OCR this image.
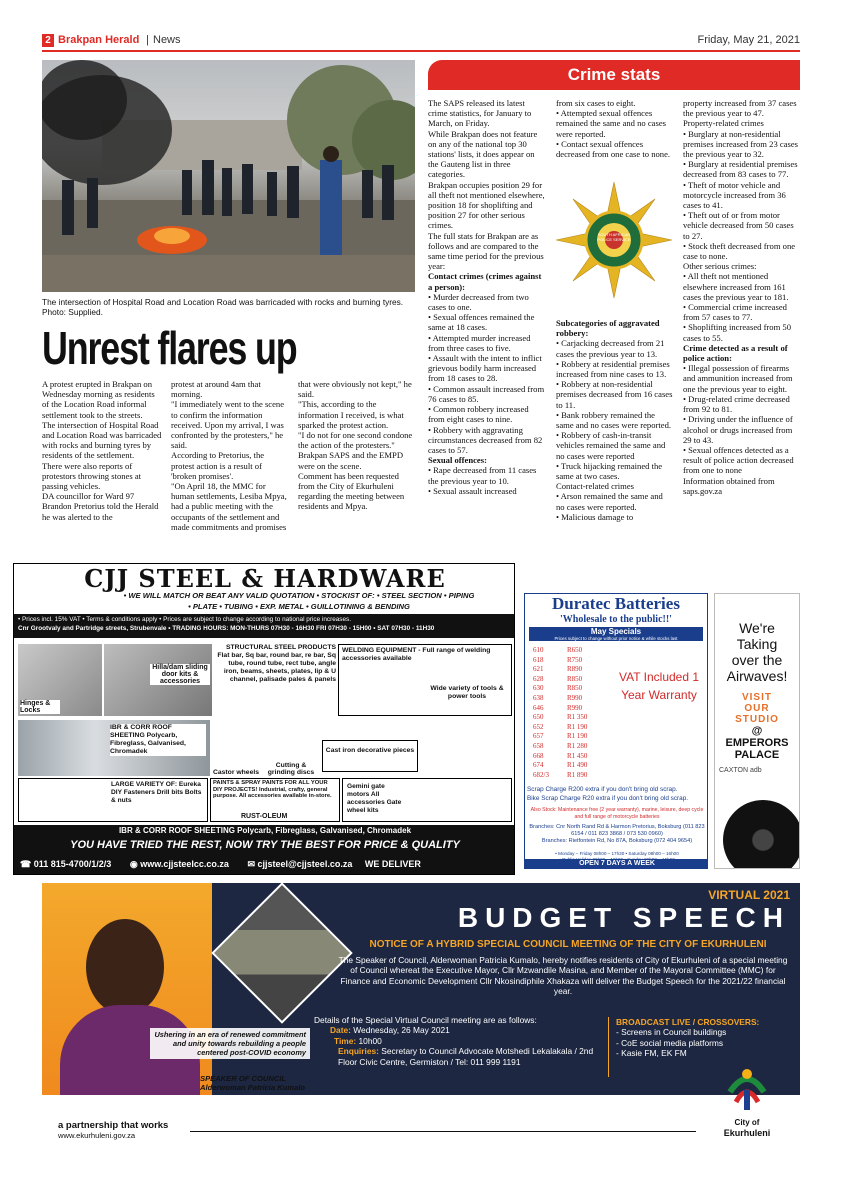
2 Brakpan Herald | News	Friday, May 21, 2021
The intersection of Hospital Road and Location Road was barricaded with rocks and burning tyres. Photo: Supplied.
Unrest flares up
A protest erupted in Brakpan on Wednesday morning as residents of the Location Road informal settlement took to the streets.
The intersection of Hospital Road and Location Road was barricaded with rocks and burning tyres by residents of the settlement.
There were also reports of protestors throwing stones at passing vehicles.
DA councillor for Ward 97 Brandon Pretorius told the Herald he was alerted to the
protest at around 4am that morning.
"I immediately went to the scene to confirm the information received. Upon my arrival, I was confronted by the protesters," he said.
According to Pretorius, the protest action is a result of 'broken promises'.
"On April 18, the MMC for human settlements, Lesiba Mpya, had a public meeting with the occupants of the settlement and made commitments and promises
that were obviously not kept," he said.
"This, according to the information I received, is what sparked the protest action.
"I do not for one second condone the action of the protesters."
Brakpan SAPS and the EMPD were on the scene.
Comment has been requested from the City of Ekurhuleni regarding the meeting between residents and Mpya.
Crime stats
The SAPS released its latest crime statistics, for January to March, on Friday.
While Brakpan does not feature on any of the national top 30 stations' lists, it does appear on the Gauteng list in three categories.
Brakpan occupies position 29 for all theft not mentioned elsewhere, position 18 for shoplifting and position 27 for other serious crimes.
The full stats for Brakpan are as follows and are compared to the same time period for the previous year:
Contact crimes (crimes against a person):
• Murder decreased from two cases to one.
• Sexual offences remained the same at 18 cases.
• Attempted murder increased from three cases to five.
• Assault with the intent to inflict grievous bodily harm increased from 18 cases to 28.
• Common assault increased from 76 cases to 85.
• Common robbery increased from eight cases to nine.
• Robbery with aggravating circumstances decreased from 82 cases to 57.
Sexual offences:
• Rape decreased from 11 cases the previous year to 10.
• Sexual assault increased
from six cases to eight.
• Attempted sexual offences remained the same and no cases were reported.
• Contact sexual offences decreased from one case to none.
SOUTH AFRICAN POLICE SERVICE
Subcategories of aggravated robbery:
• Carjacking decreased from 21 cases the previous year to 13.
• Robbery at residential premises increased from nine cases to 13.
• Robbery at non-residential premises decreased from 16 cases to 11.
• Bank robbery remained the same and no cases were reported.
• Robbery of cash-in-transit vehicles remained the same and no cases were reported
• Truck hijacking remained the same at two cases.
Contact-related crimes
• Arson remained the same and no cases were reported.
• Malicious damage to
property increased from 37 cases the previous year to 47.
Property-related crimes
• Burglary at non-residential premises increased from 23 cases the previous year to 32.
• Burglary at residential premises decreased from 83 cases to 77.
• Theft of motor vehicle and motorcycle increased from 36 cases to 41.
• Theft out of or from motor vehicle decreased from 50 cases to 27.
• Stock theft decreased from one case to none.
Other serious crimes:
• All theft not mentioned elsewhere increased from 161 cases the previous year to 181.
• Commercial crime increased from 57 cases to 77.
• Shoplifting increased from 50 cases to 55.
Crime detected as a result of police action:
• Illegal possession of firearms and ammunition increased from one the previous year to eight.
• Drug-related crime decreased from 92 to 81.
• Driving under the influence of alcohol or drugs increased from 29 to 43.
• Sexual offences detected as a result of police action decreased from one to none
Information obtained from saps.gov.za
CJJ STEEL & HARDWARE
• WE WILL MATCH OR BEAT ANY VALID QUOTATION • STOCKIST OF: • STEEL SECTION • PIPING
• PLATE • TUBING • EXP. METAL • GUILLOTINING & BENDING
• Prices incl. 15% VAT • Terms & conditions apply • Prices are subject to change according to national price increases.
Cnr Grootvaly and Partridge streets, Strubenvale • TRADING HOURS: MON-THURS 07H30 - 16H30 FRI 07H30 - 15H00 • SAT 07H30 - 11H30
Hinges & Locks
Hilla/dam sliding door kits & accessories
STRUCTURAL STEEL PRODUCTS Flat bar, Sq bar, round bar, re bar, Sq tube, round tube, rect tube, angle iron, beams, sheets, plates, lip & U channel, palisade pales & panels
WELDING EQUIPMENT - Full range of welding accessories available
Wide variety of tools & power tools
IBR & CORR ROOF SHEETING Polycarb, Fibreglass, Galvanised, Chromadek
Castor wheels
Cutting & grinding discs
Cast iron decorative pieces
LARGE VARIETY OF: Eureka DIY Fasteners Drill bits Bolts & nuts
PAINTS & SPRAY PAINTS FOR ALL YOUR DIY PROJECTS! Industrial, crafty, general purpose. All accessories available in-store.
RUST-OLEUM
Gemini gate motors All accessories Gate wheel kits
IBR & CORR ROOF SHEETING Polycarb, Fibreglass, Galvanised, Chromadek
YOU HAVE TRIED THE REST, NOW TRY THE BEST FOR PRICE & QUALITY
☎ 011 815-4700/1/2/3 ◉ www.cjjsteelcc.co.za ✉ cjjsteel@cjjsteel.co.za WE DELIVER
Duratec Batteries
'Wholesale to the public!!'
May Specials
Prices subject to change without prior notice & while stocks last
610	R650
618	R750
621	R890
628	R850
630	R850
638	R990
646	R990
650	R1 350
652	R1 190
657	R1 190
658	R1 280
668	R1 450
674	R1 490
682/3	R1 890
VAT Included 1 Year Warranty
Scrap Charge R200 extra if you don't bring old scrap.
Bike Scrap Charge R20 extra if you don't bring old scrap.
Also Stock: Maintenance free (2 year warranty), marine, leisure, deep cycle and full range of motorcycle batteries
Branches: Cnr North Rand Rd & Harmon Pretorius, Boksburg (011 823 6154 / 011 823 3868 / 073 530 0960)
Branches: Rietfontein Rd, No 87A, Boksburg (072 404 9654)
• Monday – Friday 08h00 – 17h30 • Saturday 08h00 – 16h00
OPEN 7 DAYS A WEEK
We're
Taking
over the
Airwaves!
VISIT
OUR
STUDIO
@
EMPERORS
PALACE
CAXTON adb
VIRTUAL 2021
BUDGET SPEECH
NOTICE OF A HYBRID SPECIAL COUNCIL MEETING OF THE CITY OF EKURHULENI
The Speaker of Council, Alderwoman Patricia Kumalo, hereby notifies residents of City of Ekurhuleni of a special meeting of Council whereat the Executive Mayor, Cllr Mzwandile Masina, and Member of the Mayoral Committee (MMC) for Finance and Economic Development Cllr Nkosindiphile Xhakaza will deliver the Budget Speech for the 2021/22 financial year.
Ushering in an era of renewed commitment and unity towards rebuilding a people centered post-COVID economy
SPEAKER OF COUNCIL
Alderwoman Patricia Kumalo
Details of the Special Virtual Council meeting are as follows:
Date: Wednesday, 26 May 2021
Time: 10h00
Enquiries: Secretary to Council Advocate Motshedi Lekalakala / 2nd Floor Civic Centre, Germiston / Tel: 011 999 1191
BROADCAST LIVE / CROSSOVERS:
- Screens in Council buildings
- CoE social media platforms
- Kasie FM, EK FM
a partnership that works
www.ekurhuleni.gov.za
City of
Ekurhuleni
